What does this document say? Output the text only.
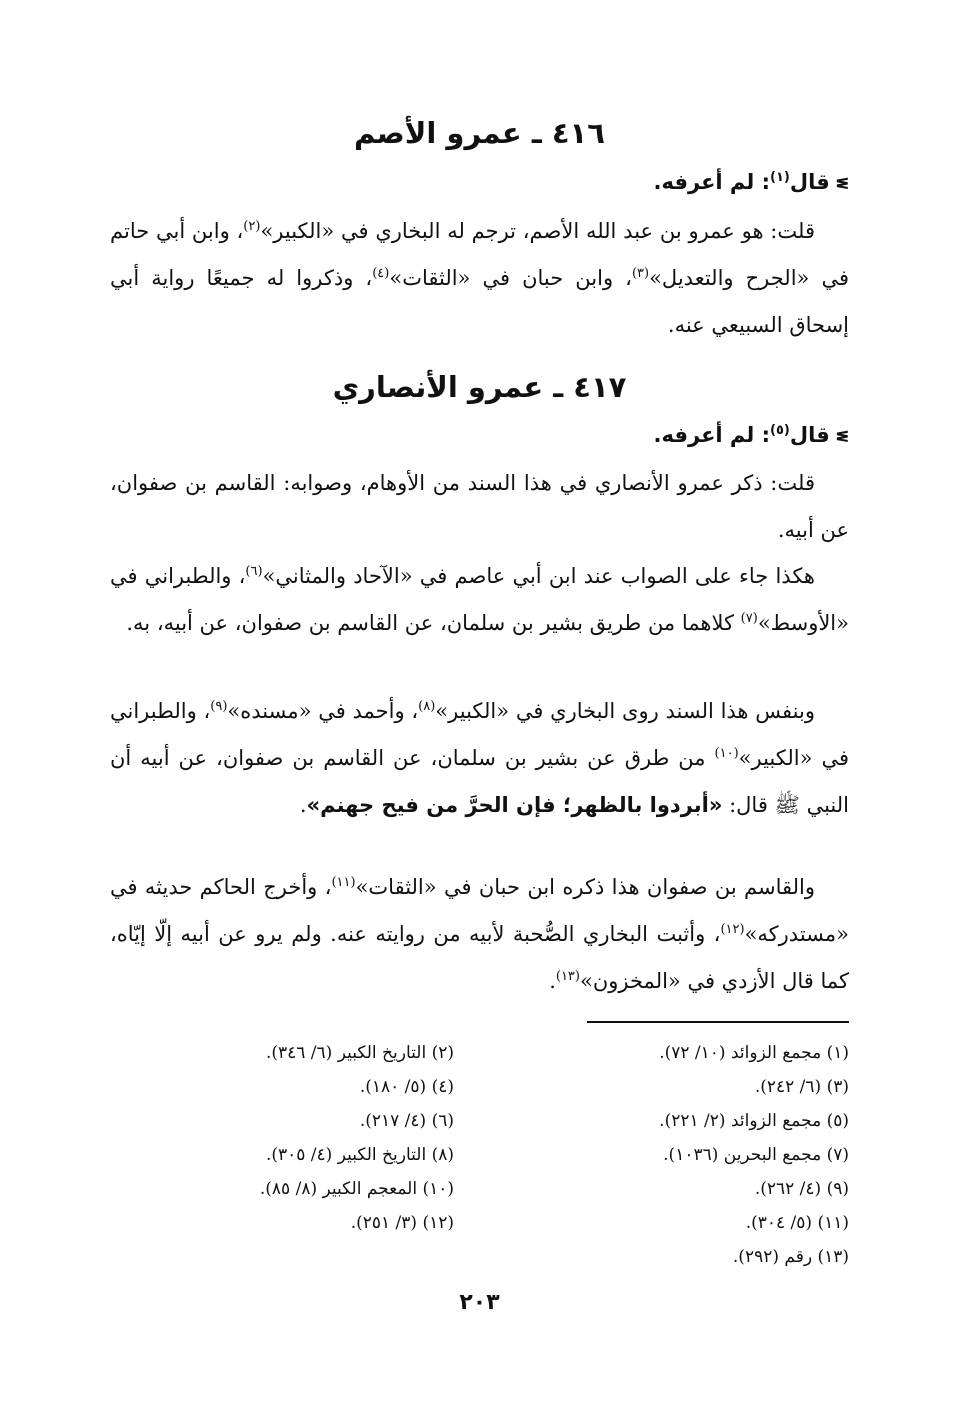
٤١٦ ـ عمرو الأصم
ᓬقال$^{(١)}$: لم أعرفه.
قلت: هو عمرو بن عبد الله الأصم، ترجم له البخاري في «الكبير»$^{(٢)}$، وابن أبي حاتم في «الجرح والتعديل»$^{(٣)}$، وابن حبان في «الثقات»$^{(٤)}$، وذكروا له جميعًا رواية أبي إسحاق السبيعي عنه.
٤١٧ ـ عمرو الأنصاري
ᓬقال$^{(٥)}$: لم أعرفه.
قلت: ذكر عمرو الأنصاري في هذا السند من الأوهام، وصوابه: القاسم بن صفوان، عن أبيه.
هكذا جاء على الصواب عند ابن أبي عاصم في «الآحاد والمثاني»$^{(٦)}$، والطبراني في «الأوسط»$^{(٧)}$ كلاهما من طريق بشير بن سلمان، عن القاسم بن صفوان، عن أبيه، به.
وبنفس هذا السند روى البخاري في «الكبير»$^{(٨)}$، وأحمد في «مسنده»$^{(٩)}$، والطبراني في «الكبير»$^{(١٠)}$ من طرق عن بشير بن سلمان، عن القاسم بن صفوان، عن أبيه أن النبي ﷺ قال: «أبردوا بالظهر؛ فإن الحرَّ من فيح جهنم».
والقاسم بن صفوان هذا ذكره ابن حبان في «الثقات»$^{(١١)}$، وأخرج الحاكم حديثه في «مستدركه»$^{(١٢)}$، وأثبت البخاري الصُّحبة لأبيه من روايته عنه. ولم يرو عن أبيه إلّا إيّاه، كما قال الأزدي في «المخزون»$^{(١٣)}$.
(١) مجمع الزوائد (١٠/ ٧٢).
(٣) (٦/ ٢٤٢).
(٥) مجمع الزوائد (٢/ ٢٢١).
(٧) مجمع البحرين (١٠٣٦).
(٩) (٤/ ٢٦٢).
(١١) (٥/ ٣٠٤).
(١٣) رقم (٢٩٢).
(٢) التاريخ الكبير (٦/ ٣٤٦).
(٤) (٥/ ١٨٠).
(٦) (٤/ ٢١٧).
(٨) التاريخ الكبير (٤/ ٣٠٥).
(١٠) المعجم الكبير (٨/ ٨٥).
(١٢) (٣/ ٢٥١).
٢٠٣
